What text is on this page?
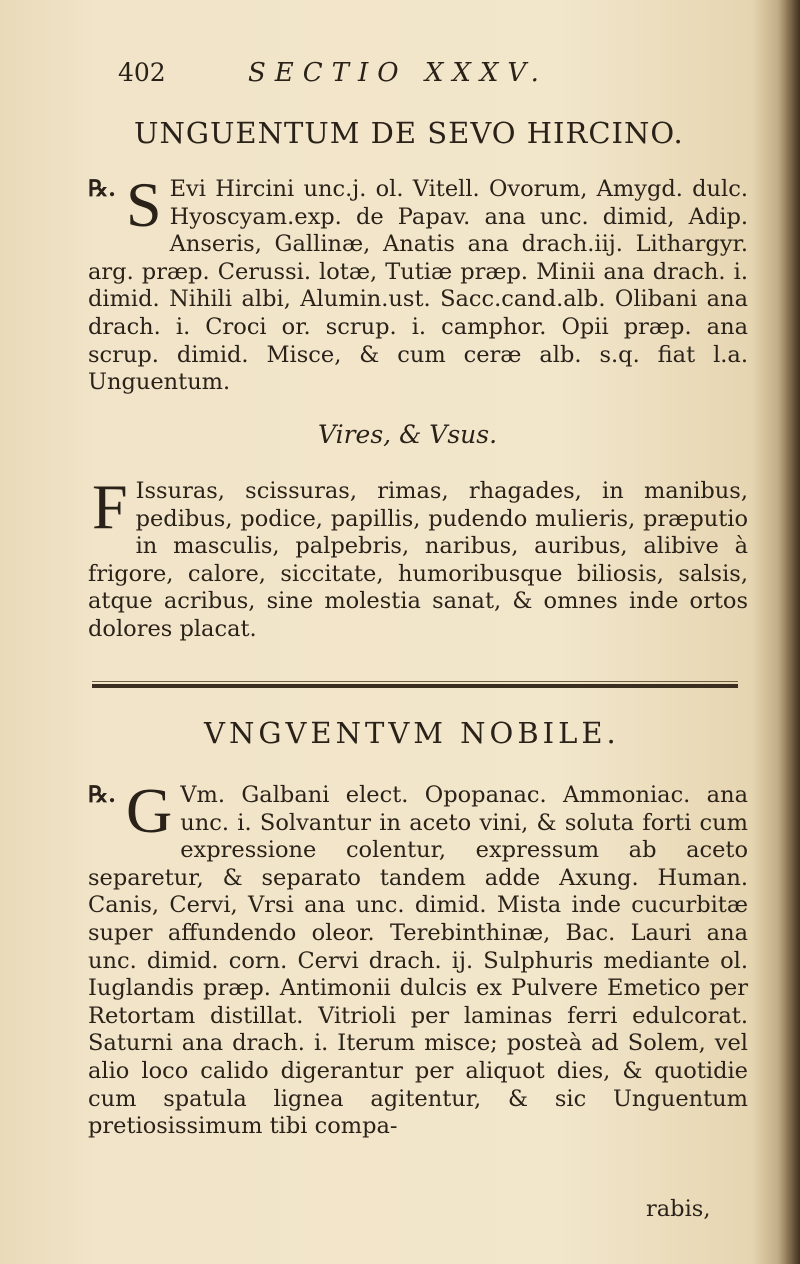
402	SECTIO XXXV.
UNGUENTUM DE SEVO HIRCINO.
℞. S Evi Hircini unc.j. ol. Vitell. Ovorum, Amygd. dulc. Hyoscyam.exp. de Papav. ana unc. dimid, Adip. Anseris, Gallinæ, Anatis ana drach.iij. Lithargyr. arg. præp. Cerussi. lotæ, Tutiæ præp. Minii ana drach. i. dimid. Nihili albi, Alumin.ust. Sacc.cand.alb. Olibani ana drach. i. Croci or. scrup. i. camphor. Opii præp. ana scrup. dimid. Misce, & cum ceræ alb. s.q. fiat l.a. Unguentum.

Vires, & Vsus.
F Issuras, scissuras, rimas, rhagades, in manibus, pedibus, podice, papillis, pudendo mulieris, præputio in masculis, palpebris, naribus, auribus, alibive à frigore, calore, siccitate, humoribusque biliosis, salsis, atque acribus, sine molestia sanat, & omnes inde ortos dolores placat.

VNGVENTVM NOBILE.
℞. G Vm. Galbani elect. Opopanac. Ammoniac. ana unc. i. Solvantur in aceto vini, & soluta forti cum expressione colentur, expressum ab aceto separetur, & separato tandem adde Axung. Human. Canis, Cervi, Vrsi ana unc. dimid. Mista inde cucurbitæ super affundendo oleor. Terebinthinæ, Bac. Lauri ana unc. dimid. corn. Cervi drach. ij. Sulphuris mediante ol. Iuglandis præp. Antimonii dulcis ex Pulvere Emetico per Retortam distillat. Vitrioli per laminas ferri edulcorat. Saturni ana drach. i. Iterum misce; posteà ad Solem, vel alio loco calido digerantur per aliquot dies, & quotidie cum spatula lignea agitentur, & sic Unguentum pretiosissimum tibi compa-

rabis,
